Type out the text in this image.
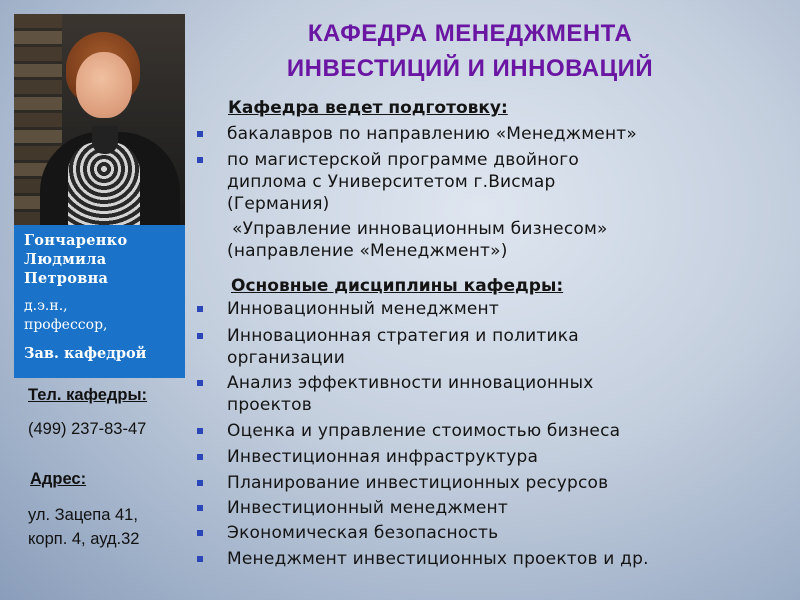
Гончаренко
Людмила
Петровна
д.э.н.,
профессор,
Зав. кафедрой
Тел. кафедры:
(499) 237-83-47
Адрес:
ул. Зацепа 41,
корп. 4, ауд.32
КАФЕДРА МЕНЕДЖМЕНТА
ИНВЕСТИЦИЙ И ИННОВАЦИЙ
Кафедра ведет подготовку:
бакалавров по направлению «Менеджмент»
по магистерской программе двойного
диплома с Университетом г.Висмар
(Германия)
«Управление инновационным бизнесом»
(направление «Менеджмент»)
Основные дисциплины кафедры:
Инновационный менеджмент
Инновационная стратегия и политика
организации
Анализ эффективности инновационных
проектов
Оценка и управление стоимостью бизнеса
Инвестиционная инфраструктура
Планирование инвестиционных ресурсов
Инвестиционный менеджмент
Экономическая безопасность
Менеджмент инвестиционных проектов и др.
